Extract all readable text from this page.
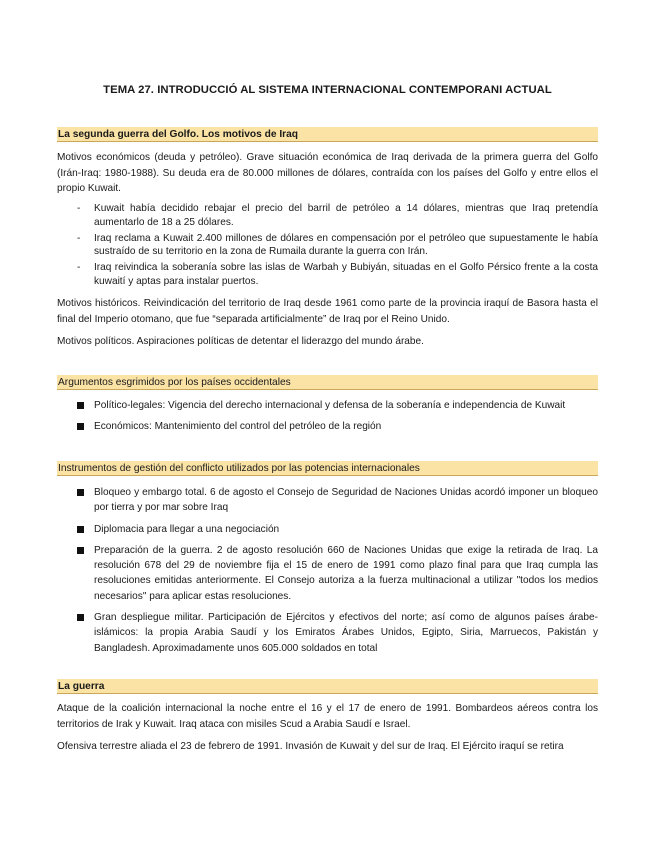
TEMA 27. INTRODUCCIÓ AL SISTEMA INTERNACIONAL CONTEMPORANI ACTUAL
La segunda guerra del Golfo. Los motivos de Iraq
Motivos económicos (deuda y petróleo). Grave situación económica de Iraq derivada de la primera guerra del Golfo (Irán-Iraq: 1980-1988). Su deuda era de 80.000 millones de dólares, contraída con los países del Golfo y entre ellos el propio Kuwait.
- Kuwait había decidido rebajar el precio del barril de petróleo a 14 dólares, mientras que Iraq pretendía aumentarlo de 18 a 25 dólares.
- Iraq reclama a Kuwait 2.400 millones de dólares en compensación por el petróleo que supuestamente le había sustraído de su territorio en la zona de Rumaila durante la guerra con Irán.
- Iraq reivindica la soberanía sobre las islas de Warbah y Bubiyán, situadas en el Golfo Pérsico frente a la costa kuwaití y aptas para instalar puertos.
Motivos históricos. Reivindicación del territorio de Iraq desde 1961 como parte de la provincia iraquí de Basora hasta el final del Imperio otomano, que fue “separada artificialmente” de Iraq por el Reino Unido.
Motivos políticos. Aspiraciones políticas de detentar el liderazgo del mundo árabe.
Argumentos esgrimidos por los países occidentales
Político-legales: Vigencia del derecho internacional y defensa de la soberanía e independencia de Kuwait
Económicos: Mantenimiento del control del petróleo de la región
Instrumentos de gestión del conflicto utilizados por las potencias internacionales
Bloqueo y embargo total. 6 de agosto el Consejo de Seguridad de Naciones Unidas acordó imponer un bloqueo por tierra y por mar sobre Iraq
Diplomacia para llegar a una negociación
Preparación de la guerra. 2 de agosto resolución 660 de Naciones Unidas que exige la retirada de Iraq. La resolución 678 del 29 de noviembre fija el 15 de enero de 1991 como plazo final para que Iraq cumpla las resoluciones emitidas anteriormente. El Consejo autoriza a la fuerza multinacional a utilizar "todos los medios necesarios" para aplicar estas resoluciones.
Gran despliegue militar. Participación de Ejércitos y efectivos del norte; así como de algunos países árabe-islámicos: la propia Arabia Saudí y los Emiratos Árabes Unidos, Egipto, Siria, Marruecos, Pakistán y Bangladesh. Aproximadamente unos 605.000 soldados en total
La guerra
Ataque de la coalición internacional la noche entre el 16 y el 17 de enero de 1991. Bombardeos aéreos contra los territorios de Irak y Kuwait. Iraq ataca con misiles Scud a Arabia Saudí e Israel.
Ofensiva terrestre aliada el 23 de febrero de 1991. Invasión de Kuwait y del sur de Iraq. El Ejército iraquí se retira
